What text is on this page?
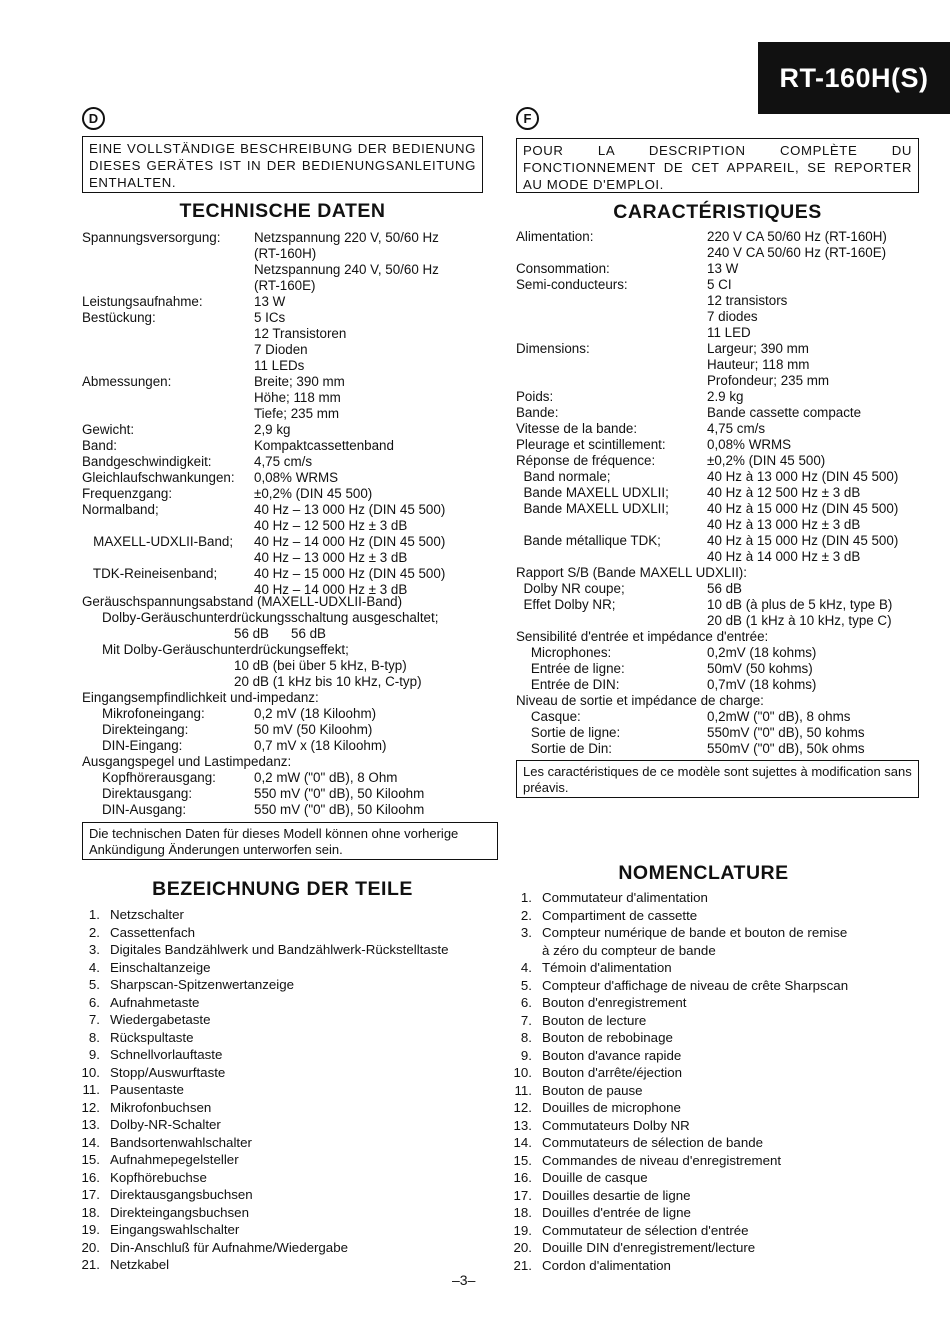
RT-160H(S)
D
EINE VOLLSTÄNDIGE BESCHREIBUNG DER BEDIENUNG DIESES GERÄTES IST IN DER BEDIENUNGSANLEITUNG ENTHALTEN.
TECHNISCHE DATEN
Spannungsversorgung:	Netzspannung 220 V, 50/60 Hz
(RT-160H)
Netzspannung 240 V, 50/60 Hz
(RT-160E)
Leistungsaufnahme:	13 W
Bestückung:	5 ICs
12 Transistoren
7 Dioden
11 LEDs
Abmessungen:	Breite; 390 mm
Höhe; 118 mm
Tiefe; 235 mm
Gewicht:	2,9 kg
Band:	Kompaktcassettenband
Bandgeschwindigkeit:	4,75 cm/s
Gleichlaufschwankungen: 0,08% WRMS
Frequenzgang:	±0,2% (DIN 45 500)
Normalband;	40 Hz – 13 000 Hz (DIN 45 500)
40 Hz – 12 500 Hz ± 3 dB
MAXELL-UDXLII-Band; 40 Hz – 14 000 Hz (DIN 45 500)
40 Hz – 13 000 Hz ± 3 dB
TDK-Reineisenband;	40 Hz – 15 000 Hz (DIN 45 500)
40 Hz – 14 000 Hz ± 3 dB
Geräuschspannungsabstand (MAXELL-UDXLII-Band)
Dolby-Geräuschunterdrückungsschaltung ausgeschaltet;
56 dB 56 dB
Mit Dolby-Geräuschunterdrückungseffekt;
10 dB (bei über 5 kHz, B-typ)
20 dB (1 kHz bis 10 kHz, C-typ)
Eingangsempfindlichkeit und-impedanz:
Mikrofoneingang:	0,2 mV (18 Kiloohm)
Direkteingang:	50 mV (50 Kiloohm)
DIN-Eingang:	0,7 mV x (18 Kiloohm)
Ausgangspegel und Lastimpedanz:
Kopfhörerausgang:	0,2 mW ("0" dB), 8 Ohm
Direktausgang:	550 mV ("0" dB), 50 Kiloohm
DIN-Ausgang:	550 mV ("0" dB), 50 Kiloohm
Die technischen Daten für dieses Modell können ohne vorherige Ankündigung Änderungen unterworfen sein.
BEZEICHNUNG DER TEILE
1. Netzschalter
2. Cassettenfach
3. Digitales Bandzählwerk und Bandzählwerk-Rückstelltaste
4. Einschaltanzeige
5. Sharpscan-Spitzenwertanzeige
6. Aufnahmetaste
7. Wiedergabetaste
8. Rückspultaste
9. Schnellvorlauftaste
10. Stopp/Auswurftaste
11. Pausentaste
12. Mikrofonbuchsen
13. Dolby-NR-Schalter
14. Bandsortenwahlschalter
15. Aufnahmepegelsteller
16. Kopfhörebuchse
17. Direktausgangsbuchsen
18. Direkteingangsbuchsen
19. Eingangswahlschalter
20. Din-Anschluß für Aufnahme/Wiedergabe
21. Netzkabel
F
POUR LA DESCRIPTION COMPLÈTE DU FONCTIONNEMENT DE CET APPAREIL, SE REPORTER AU MODE D'EMPLOI.
CARACTÉRISTIQUES
Alimentation:	220 V CA 50/60 Hz (RT-160H)
240 V CA 50/60 Hz (RT-160E)
Consommation:	13 W
Semi-conducteurs:	5 CI
12 transistors
7 diodes
11 LED
Dimensions:	Largeur; 390 mm
Hauteur; 118 mm
Profondeur; 235 mm
Poids:	2.9 kg
Bande:	Bande cassette compacte
Vitesse de la bande:	4,75 cm/s
Pleurage et scintillement:	0,08% WRMS
Réponse de fréquence:	±0,2% (DIN 45 500)
Band normale;	40 Hz à 13 000 Hz (DIN 45 500)
Bande MAXELL UDXLII;	40 Hz à 12 500 Hz ± 3 dB
Bande MAXELL UDXLII;	40 Hz à 15 000 Hz (DIN 45 500)
40 Hz à 13 000 Hz ± 3 dB
Bande métallique TDK;	40 Hz à 15 000 Hz (DIN 45 500)
40 Hz à 14 000 Hz ± 3 dB
Rapport S/B (Bande MAXELL UDXLII):
Dolby NR coupe;	56 dB
Effet Dolby NR;	10 dB (à plus de 5 kHz, type B)
20 dB (1 kHz à 10 kHz, type C)
Sensibilité d'entrée et impédance d'entrée:
Microphones:	0,2mV (18 kohms)
Entrée de ligne:	50mV (50 kohms)
Entrée de DIN:	0,7mV (18 kohms)
Niveau de sortie et impédance de charge:
Casque:	0,2mW ("0" dB), 8 ohms
Sortie de ligne:	550mV ("0" dB), 50 kohms
Sortie de Din:	550mV ("0" dB), 50k ohms
Les caractéristiques de ce modèle sont sujettes à modification sans préavis.
NOMENCLATURE
1. Commutateur d'alimentation
2. Compartiment de cassette
3. Compteur numérique de bande et bouton de remise
à zéro du compteur de bande
4. Témoin d'alimentation
5. Compteur d'affichage de niveau de crête Sharpscan
6. Bouton d'enregistrement
7. Bouton de lecture
8. Bouton de rebobinage
9. Bouton d'avance rapide
10. Bouton d'arrête/éjection
11. Bouton de pause
12. Douilles de microphone
13. Commutateurs Dolby NR
14. Commutateurs de sélection de bande
15. Commandes de niveau d'enregistrement
16. Douille de casque
17. Douilles desartie de ligne
18. Douilles d'entrée de ligne
19. Commutateur de sélection d'entrée
20. Douille DIN d'enregistrement/lecture
21. Cordon d'alimentation
–3–
